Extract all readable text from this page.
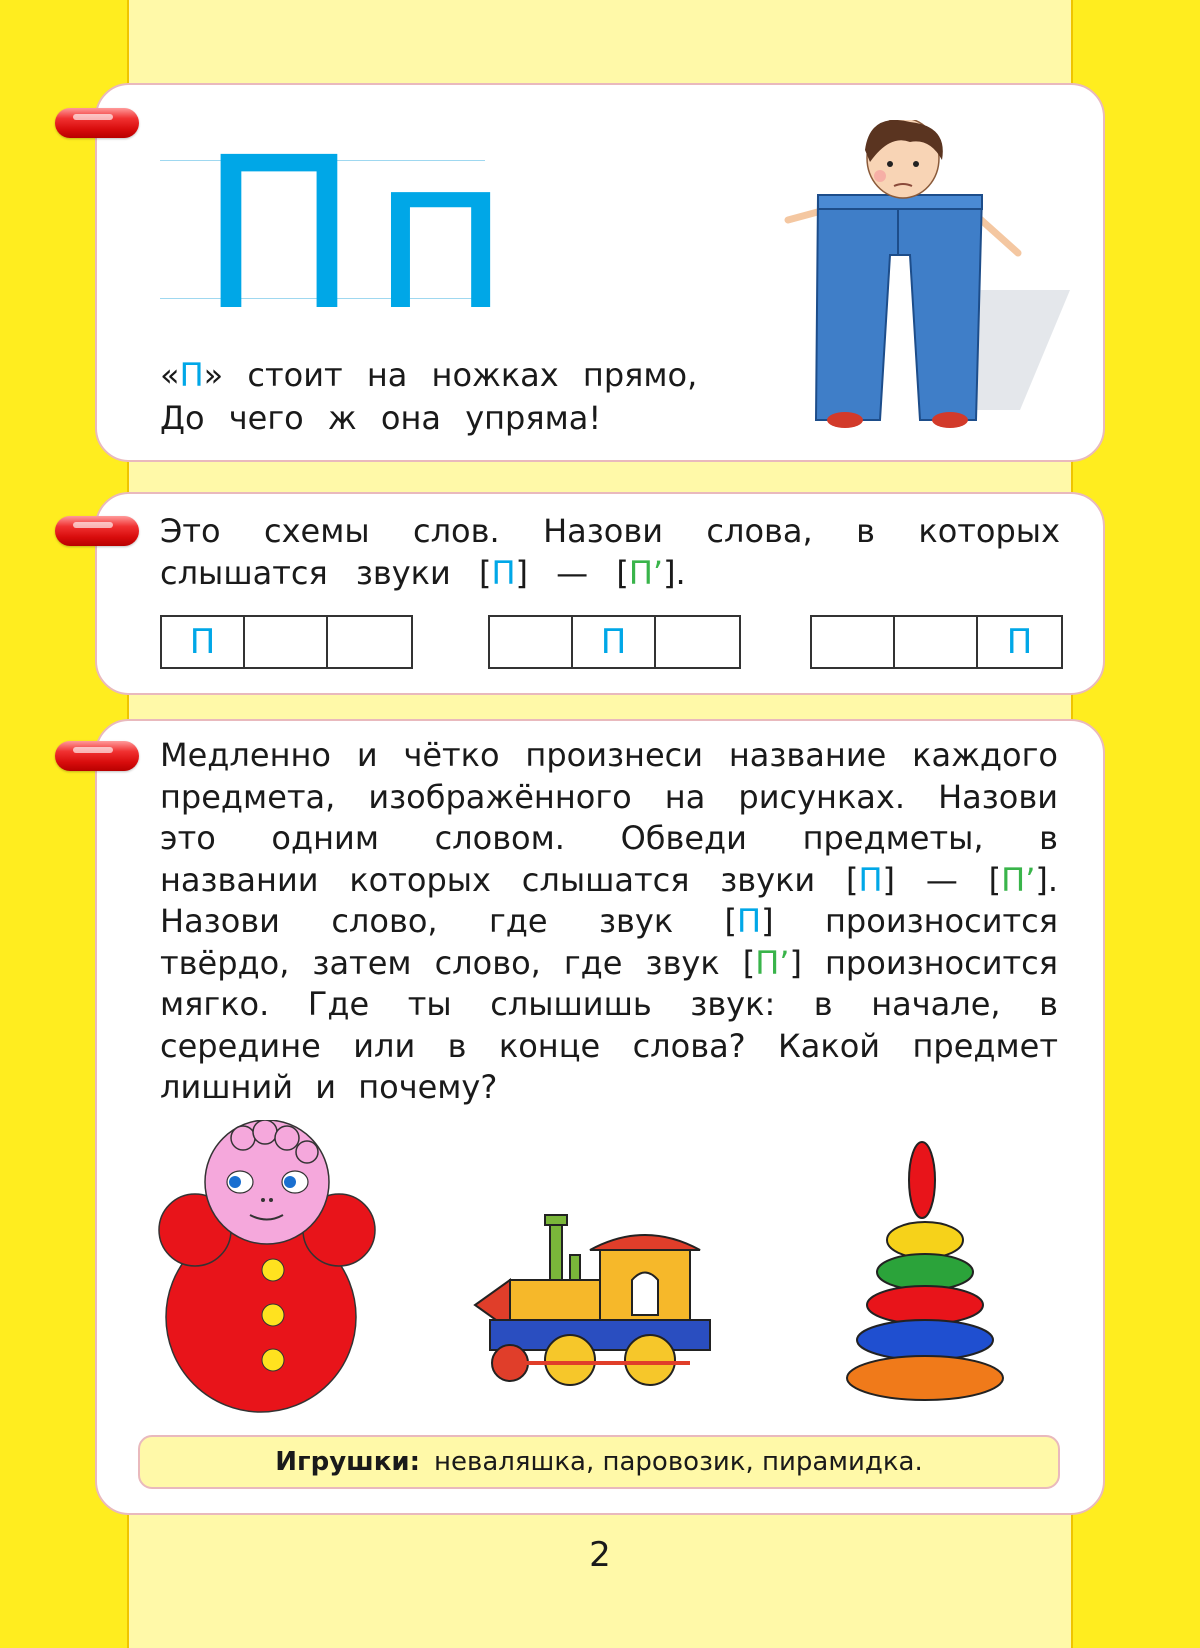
Пп
«П» стоит на ножках прямо,
До чего ж она упряма!
Это схемы слов. Назови слова, в которых слышатся звуки [П] — [П’].
П	П	П
Медленно и чётко произнеси название каждого предмета, изображённого на рисунках. Назови это одним словом. Обведи предметы, в названии которых слышатся звуки [П] — [П’]. Назови слово, где звук [П] произносится твёрдо, затем слово, где звук [П’] произносится мягко. Где ты слышишь звук: в начале, в середине или в конце слова? Какой предмет лишний и почему?
Игрушки: неваляшка, паровозик, пирамидка.
2
